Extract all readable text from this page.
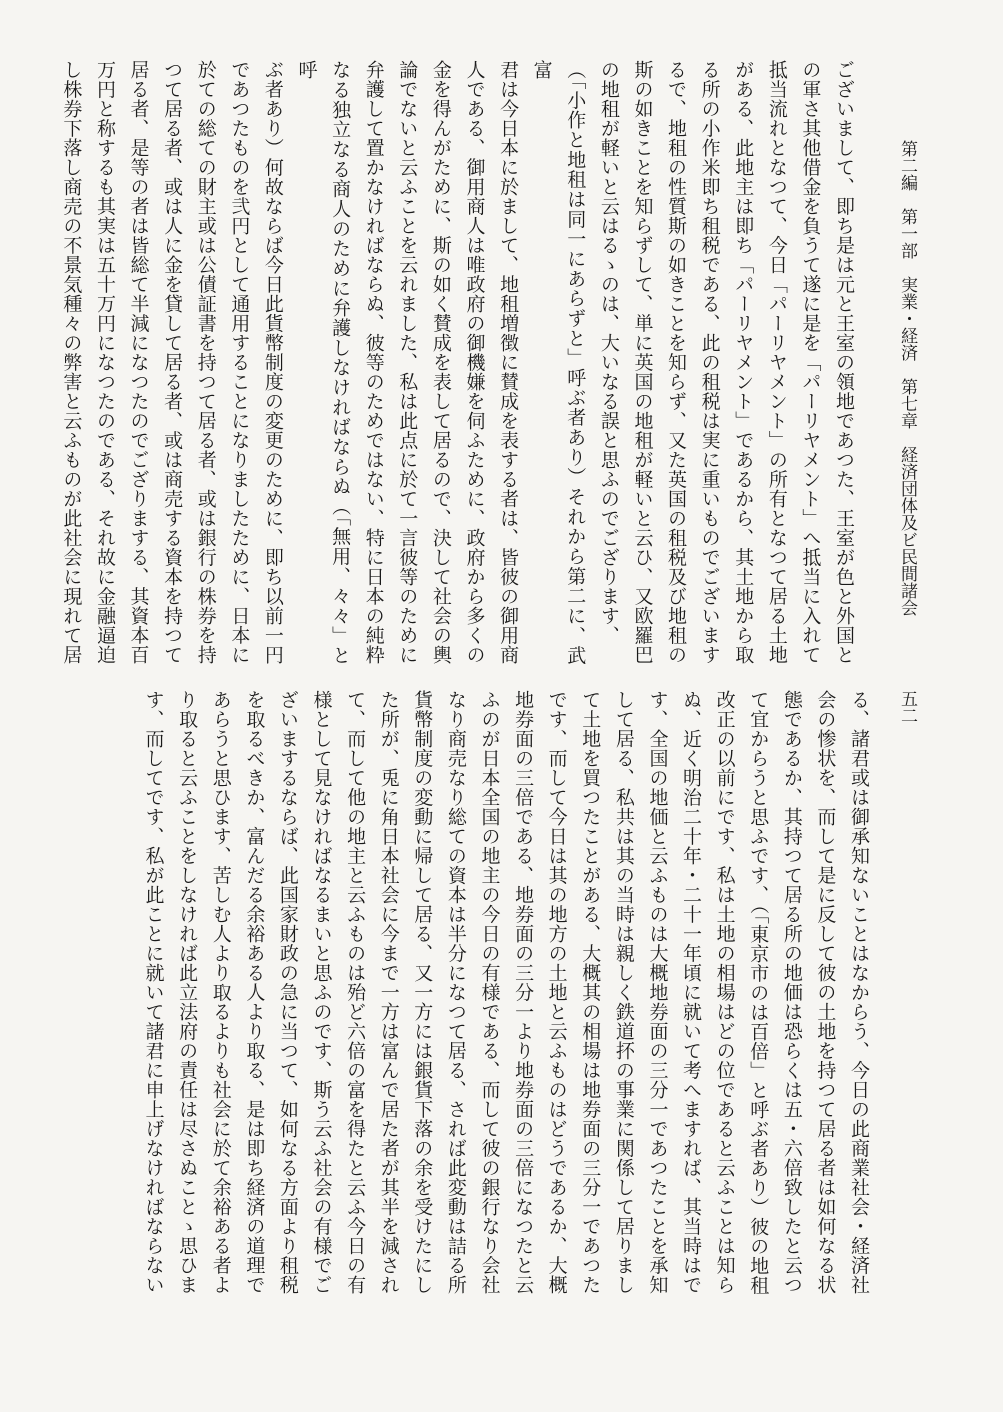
第二編　第一部　実業・経済　第七章　経済団体及ビ民間諸会
五二
ございまして、即ち是は元と王室の領地であつた、王室が色と外国と
の軍さ其他借金を負うて遂に是を「パーリヤメント」へ抵当に入れて
抵当流れとなつて、今日「パーリヤメント」の所有となつて居る土地
がある、此地主は即ち「パーリヤメント」であるから、其土地から取
る所の小作米即ち租税である、此の租税は実に重いものでございます
るで、地租の性質斯の如きことを知らず、又た英国の租税及び地租の
斯の如きことを知らずして、単に英国の地租が軽いと云ひ、又欧羅巴
の地租が軽いと云はるゝのは、大いなる誤と思ふのでござります、
（「小作と地租は同一にあらずと」呼ぶ者あり）それから第二に、武富
君は今日本に於まして、地租増徴に賛成を表する者は、皆彼の御用商
人である、御用商人は唯政府の御機嫌を伺ふために、政府から多くの
金を得んがために、斯の如く賛成を表して居るので、決して社会の輿
論でないと云ふことを云れました、私は此点に於て一言彼等のために
弁護して置かなければならぬ、彼等のためではない、特に日本の純粋
なる独立なる商人のために弁護しなければならぬ（「無用、々々」と呼
ぶ者あり）何故ならば今日此貨幣制度の変更のために、即ち以前一円
であつたものを弐円として通用することになりましたために、日本に
於ての総ての財主或は公債証書を持つて居る者、或は銀行の株券を持
つて居る者、或は人に金を貸して居る者、或は商売する資本を持つて
居る者、是等の者は皆総て半減になつたのでござりまする、其資本百
万円と称するも其実は五十万円になつたのである、それ故に金融逼迫
し株券下落し商売の不景気種々の弊害と云ふものが此社会に現れて居
る、諸君或は御承知ないことはなからう、今日の此商業社会・経済社
会の惨状を、而して是に反して彼の土地を持つて居る者は如何なる状
態であるか、其持つて居る所の地価は恐らくは五・六倍致したと云つ
て宜からうと思ふです、（「東京市のは百倍」と呼ぶ者あり）彼の地租
改正の以前にです、私は土地の相場はどの位であると云ふことは知ら
ぬ、近く明治二十年・二十一年頃に就いて考へますれば、其当時はで
す、全国の地価と云ふものは大概地券面の三分一であつたことを承知
して居る、私共は其の当時は親しく鉄道抔の事業に関係して居りまし
て土地を買つたことがある、大概其の相場は地券面の三分一であつた
です、而して今日は其の地方の土地と云ふものはどうであるか、大概
地券面の三倍である、地券面の三分一より地券面の三倍になつたと云
ふのが日本全国の地主の今日の有様である、而して彼の銀行なり会社
なり商売なり総ての資本は半分になつて居る、されば此変動は詰る所
貨幣制度の変動に帰して居る、又一方には銀貨下落の余を受けたにし
た所が、兎に角日本社会に今まで一方は富んで居た者が其半を減され
て、而して他の地主と云ふものは殆ど六倍の富を得たと云ふ今日の有
様として見なければなるまいと思ふのです、斯う云ふ社会の有様でご
ざいまするならば、此国家財政の急に当つて、如何なる方面より租税
を取るべきか、富んだる余裕ある人より取る、是は即ち経済の道理で
あらうと思ひます、苦しむ人より取るよりも社会に於て余裕ある者よ
り取ると云ふことをしなければ此立法府の責任は尽さぬことゝ思ひま
す、而してです、私が此ことに就いて諸君に申上げなければならない
